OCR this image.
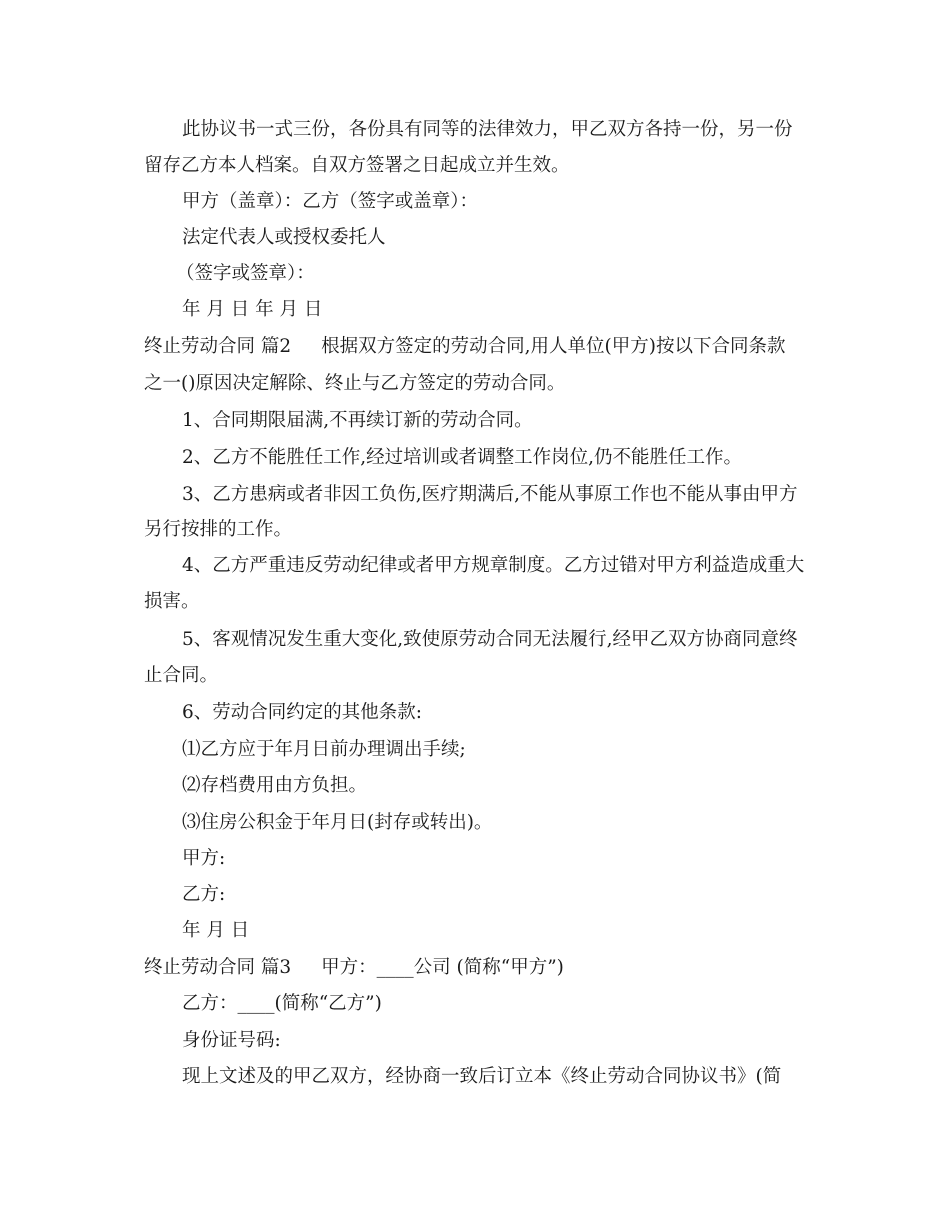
此协议书一式三份，各份具有同等的法律效力，甲乙双方各持一份，另一份
留存乙方本人档案。自双方签署之日起成立并生效。
甲方（盖章）：乙方（签字或盖章）：
法定代表人或授权委托人
（签字或签章）：
年 月 日 年 月 日
终止劳动合同 篇2 根据双方签定的劳动合同,用人单位(甲方)按以下合同条款
之一()原因决定解除、终止与乙方签定的劳动合同。
1、合同期限届满,不再续订新的劳动合同。
2、乙方不能胜任工作,经过培训或者调整工作岗位,仍不能胜任工作。
3、乙方患病或者非因工负伤,医疗期满后,不能从事原工作也不能从事由甲方
另行按排的工作。
4、乙方严重违反劳动纪律或者甲方规章制度。乙方过错对甲方利益造成重大
损害。
5、客观情况发生重大变化,致使原劳动合同无法履行,经甲乙双方协商同意终
止合同。
6、劳动合同约定的其他条款:
⑴乙方应于年月日前办理调出手续;
⑵存档费用由方负担。
⑶住房公积金于年月日(封存或转出)。
甲方:
乙方:
年 月 日
终止劳动合同 篇3 甲方：____公司 (简称“甲方”)
乙方：____(简称“乙方”)
身份证号码:
现上文述及的甲乙双方，经协商一致后订立本《终止劳动合同协议书》(简
